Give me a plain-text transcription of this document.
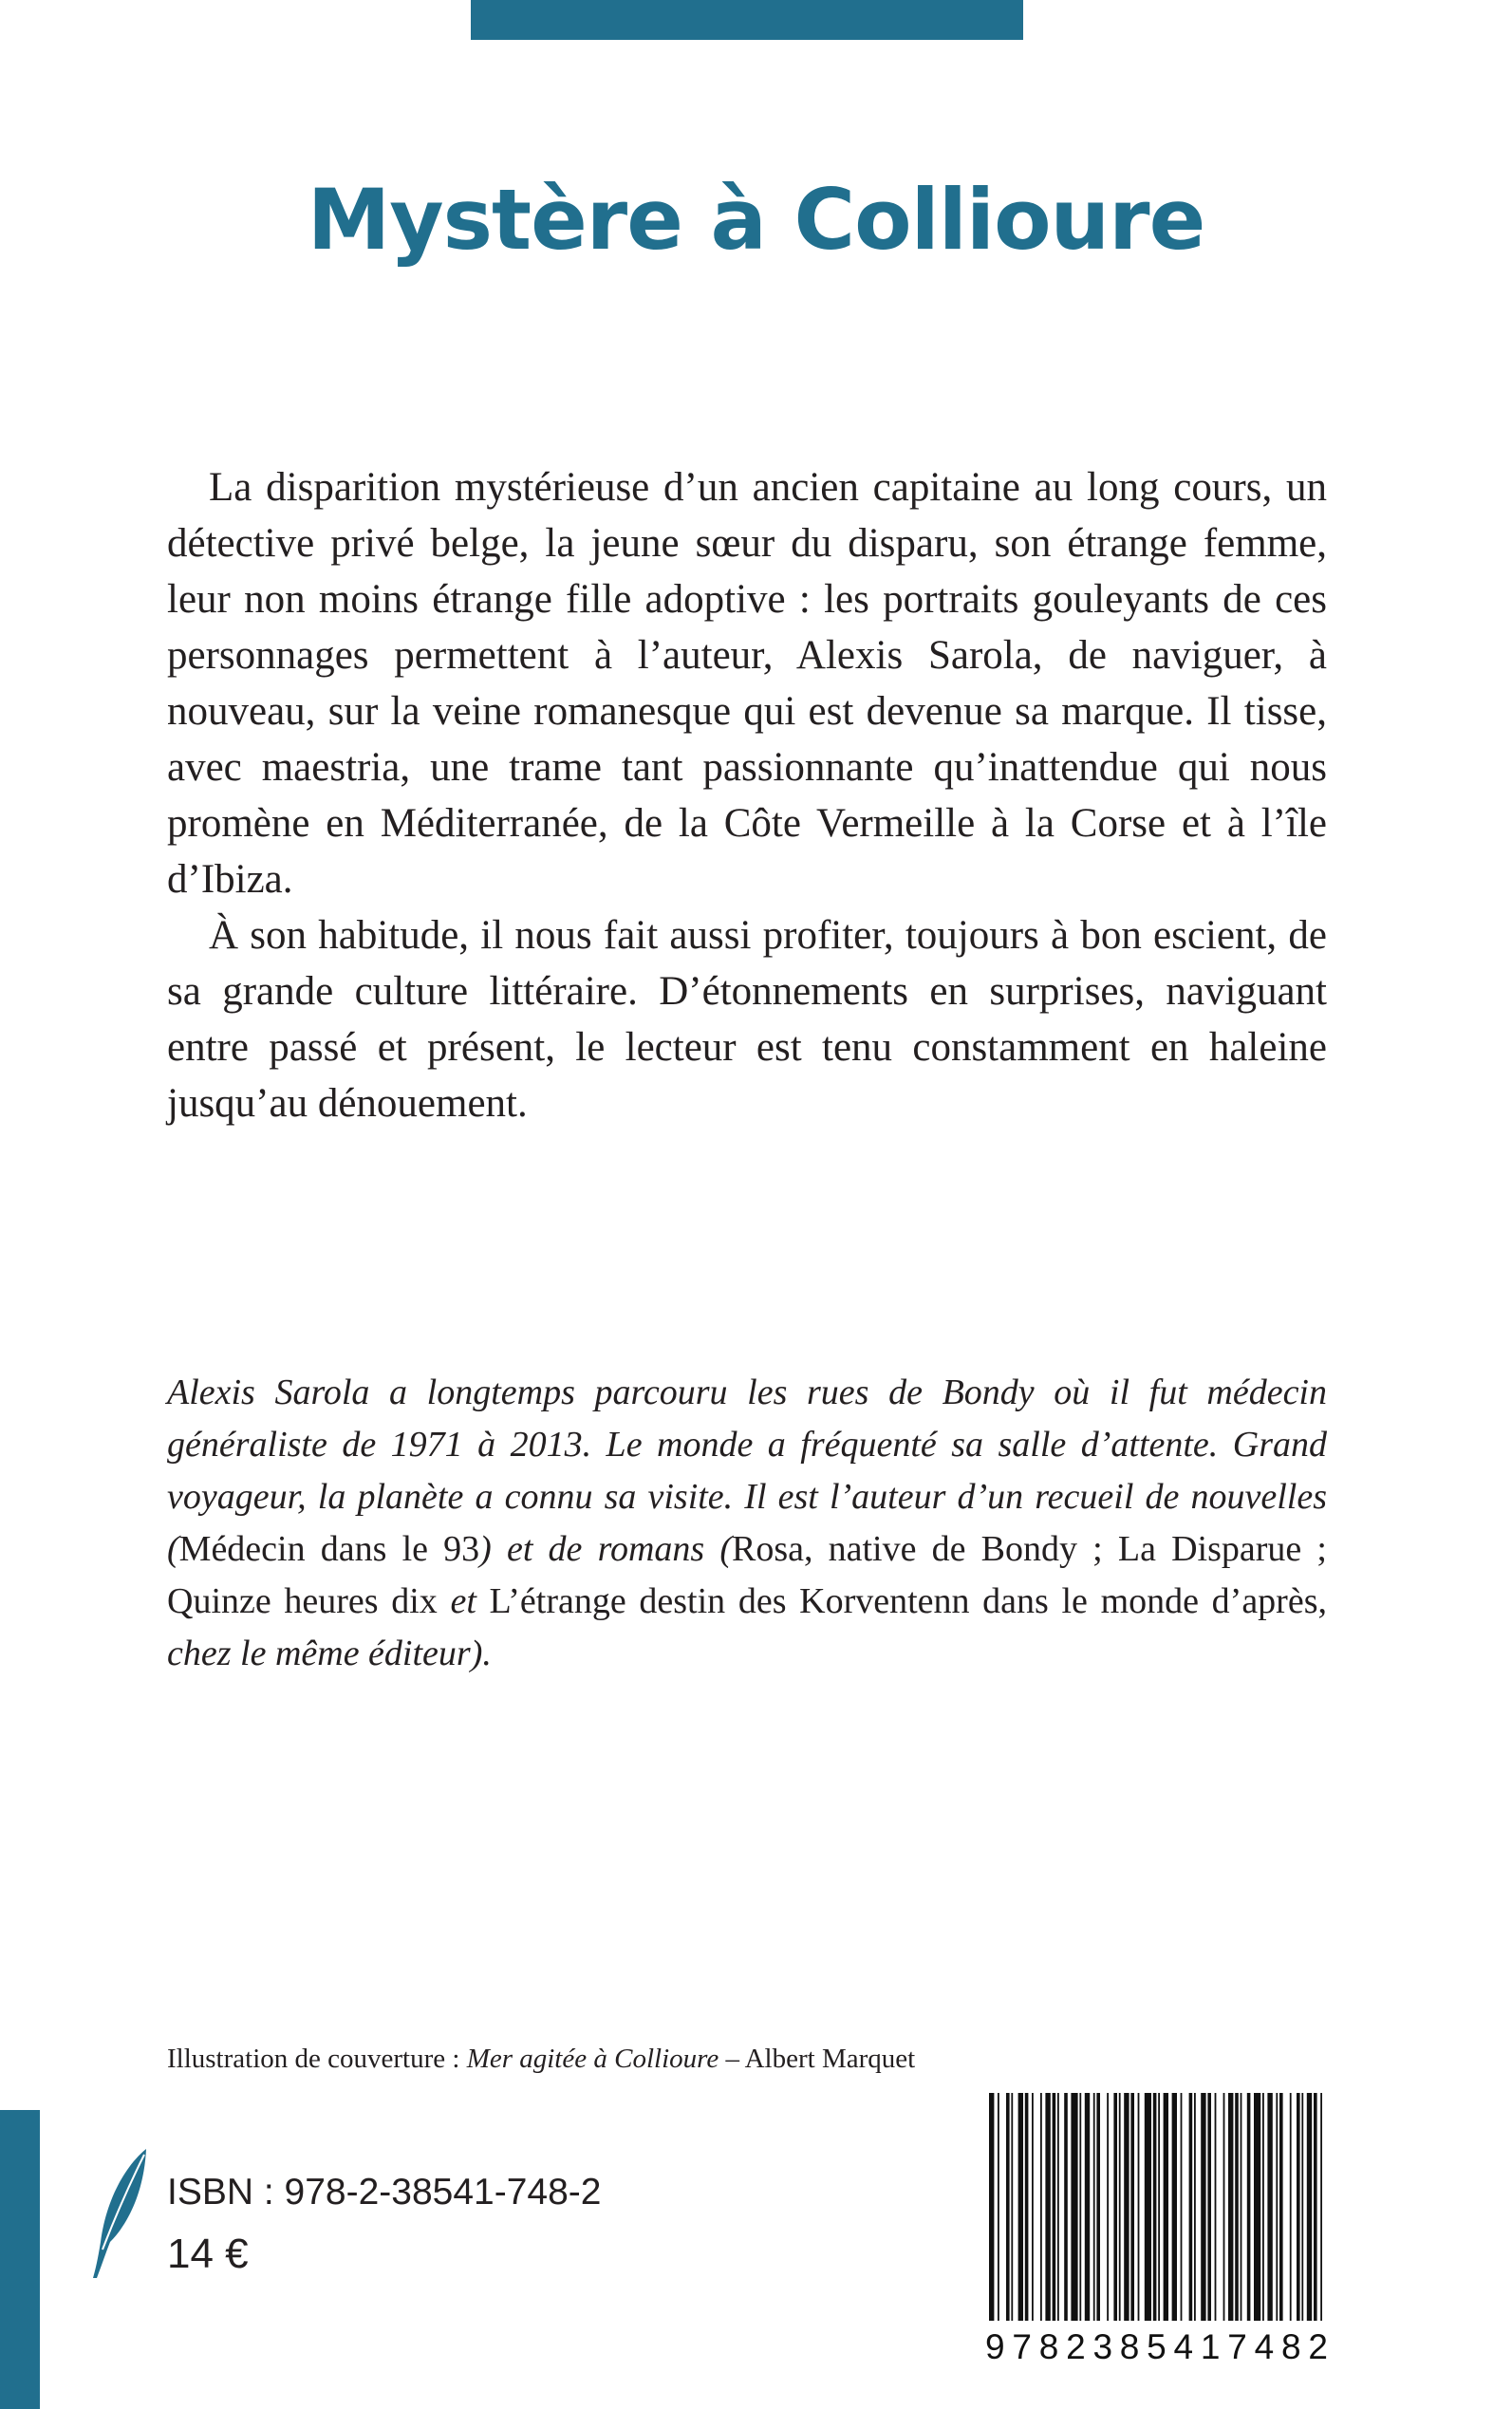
Mystère à Collioure

La disparition mystérieuse d’un ancien capitaine au long cours, un détective privé belge, la jeune sœur du disparu, son étrange femme, leur non moins étrange fille adoptive : les portraits gouleyants de ces personnages permettent à l’auteur, Alexis Sarola, de naviguer, à nouveau, sur la veine romanesque qui est devenue sa marque. Il tisse, avec maestria, une trame tant passionnante qu’inattendue qui nous promène en Méditerranée, de la Côte Vermeille à la Corse et à l’île d’Ibiza.

À son habitude, il nous fait aussi profiter, toujours à bon escient, de sa grande culture littéraire. D’étonnements en surprises, naviguant entre passé et présent, le lecteur est tenu constamment en haleine jusqu’au dénouement.

Alexis Sarola a longtemps parcouru les rues de Bondy où il fut médecin généraliste de 1971 à 2013. Le monde a fréquenté sa salle d’attente. Grand voyageur, la planète a connu sa visite. Il est l’auteur d’un recueil de nouvelles (Médecin dans le 93) et de romans (Rosa, native de Bondy ; La Disparue ; Quinze heures dix et L’étrange destin des Korventenn dans le monde d’après, chez le même éditeur).

Illustration de couverture : Mer agitée à Collioure – Albert Marquet
ISBN : 978-2-38541-748-2
14 €
9 7 8 2 3 8 5 4 1 7 4 8 2
